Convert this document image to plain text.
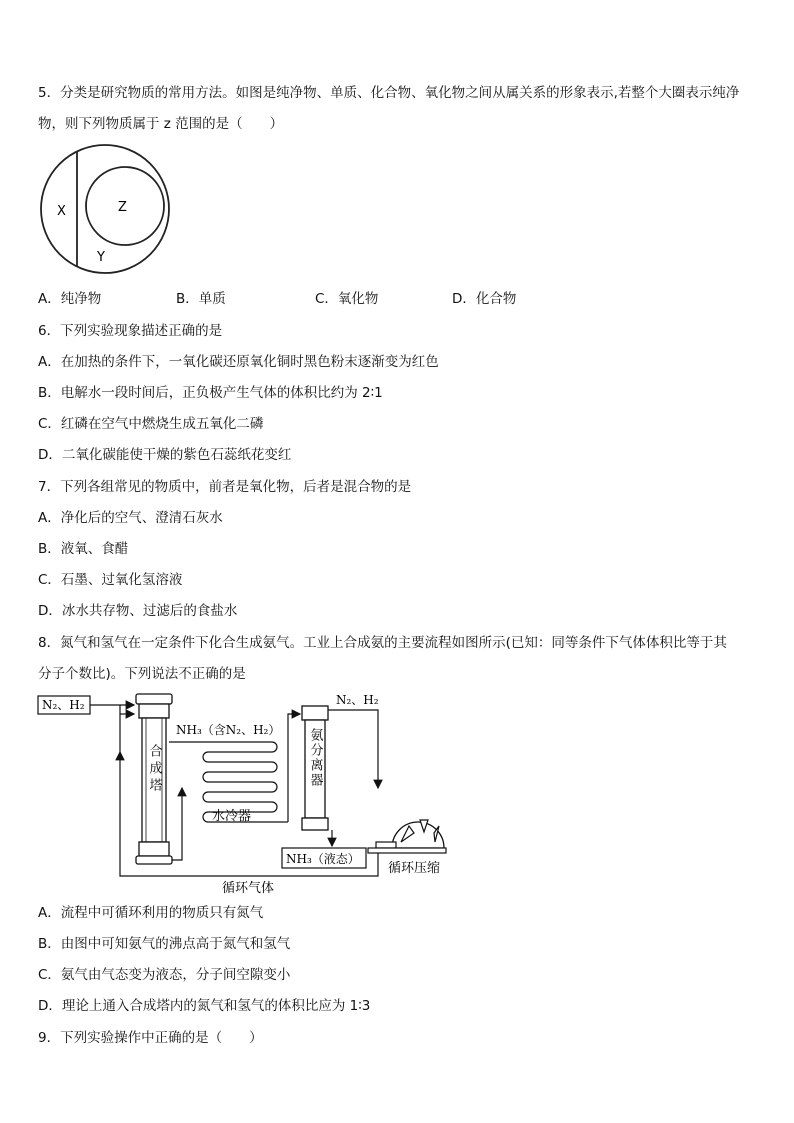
5．分类是研究物质的常用方法。如图是纯净物、单质、化合物、氧化物之间从属关系的形象表示,若整个大圈表示纯净
物，则下列物质属于 z 范围的是（　　）
X	Z
Y
A．纯净物	B．单质	C．氧化物	D．化合物
6．下列实验现象描述正确的是
A．在加热的条件下，一氧化碳还原氧化铜时黑色粉末逐渐变为红色
B．电解水一段时间后，正负极产生气体的体积比约为 2∶1
C．红磷在空气中燃烧生成五氧化二磷
D．二氧化碳能使干燥的紫色石蕊纸花变红
7．下列各组常见的物质中，前者是氧化物，后者是混合物的是
A．净化后的空气、澄清石灰水
B．液氧、食醋
C．石墨、过氧化氢溶液
D．冰水共存物、过滤后的食盐水
8．氮气和氢气在一定条件下化合生成氨气。工业上合成氨的主要流程如图所示(已知：同等条件下气体体积比等于其
分子个数比)。下列说法不正确的是
N₂、H₂
合成塔
NH₃（含N₂、H₂）
水冷器
氨分离器
N₂、H₂
NH₃（液态）
循环压缩
循环气体
A．流程中可循环利用的物质只有氮气
B．由图中可知氨气的沸点高于氮气和氢气
C．氨气由气态变为液态，分子间空隙变小
D．理论上通入合成塔内的氮气和氢气的体积比应为 1∶3
9．下列实验操作中正确的是（　　）
